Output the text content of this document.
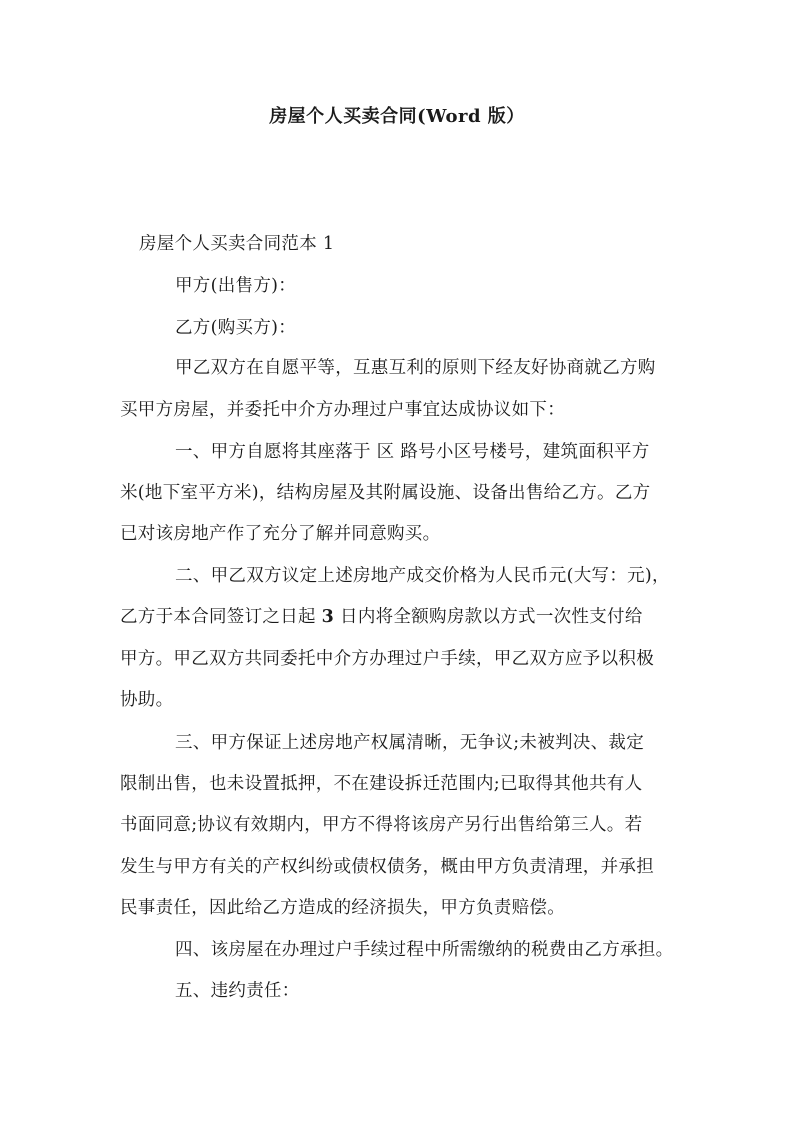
房屋个人买卖合同(Word 版）
房屋个人买卖合同范本 1
甲方(出售方)：
乙方(购买方)：
甲乙双方在自愿平等，互惠互利的原则下经友好协商就乙方购
买甲方房屋，并委托中介方办理过户事宜达成协议如下：
一、甲方自愿将其座落于 区 路号小区号楼号，建筑面积平方
米(地下室平方米)，结构房屋及其附属设施、设备出售给乙方。乙方
已对该房地产作了充分了解并同意购买。
二、甲乙双方议定上述房地产成交价格为人民币元(大写：元)，
乙方于本合同签订之日起 3 日内将全额购房款以方式一次性支付给
甲方。甲乙双方共同委托中介方办理过户手续，甲乙双方应予以积极
协助。
三、甲方保证上述房地产权属清晰，无争议;未被判决、裁定
限制出售，也未设置抵押，不在建设拆迁范围内;已取得其他共有人
书面同意;协议有效期内，甲方不得将该房产另行出售给第三人。若
发生与甲方有关的产权纠纷或债权债务，概由甲方负责清理，并承担
民事责任，因此给乙方造成的经济损失，甲方负责赔偿。
四、该房屋在办理过户手续过程中所需缴纳的税费由乙方承担。
五、违约责任：
